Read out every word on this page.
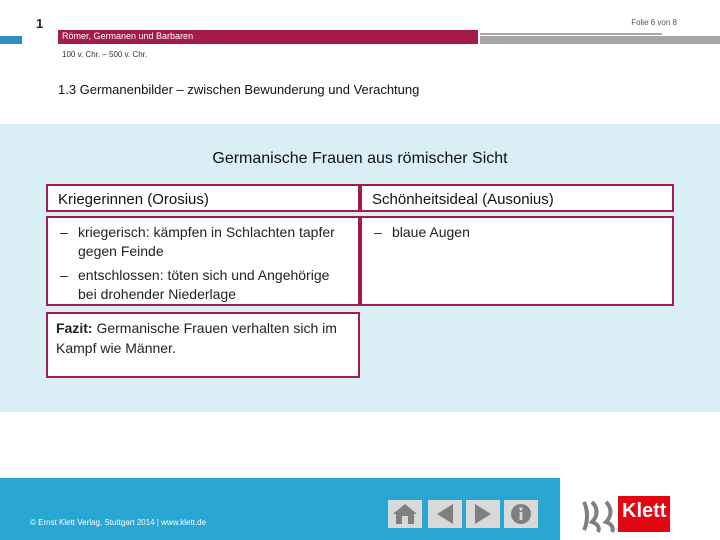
1
Römer, Germanen und Barbaren
Folie 6 von 8
100 v. Chr. – 500 v. Chr.
1.3 Germanenbilder – zwischen Bewunderung und Verachtung
Germanische Frauen aus römischer Sicht
Kriegerinnen (Orosius)	Schönheitsideal (Ausonius)
– kriegerisch: kämpfen in Schlachten tapfer gegen Feinde
– entschlossen: töten sich und Angehörige bei drohender Niederlage
– blaue Augen
Fazit: Germanische Frauen verhalten sich im Kampf wie Männer.
© Ernst Klett Verlag, Stuttgart 2014 | www.klett.de
Klett
